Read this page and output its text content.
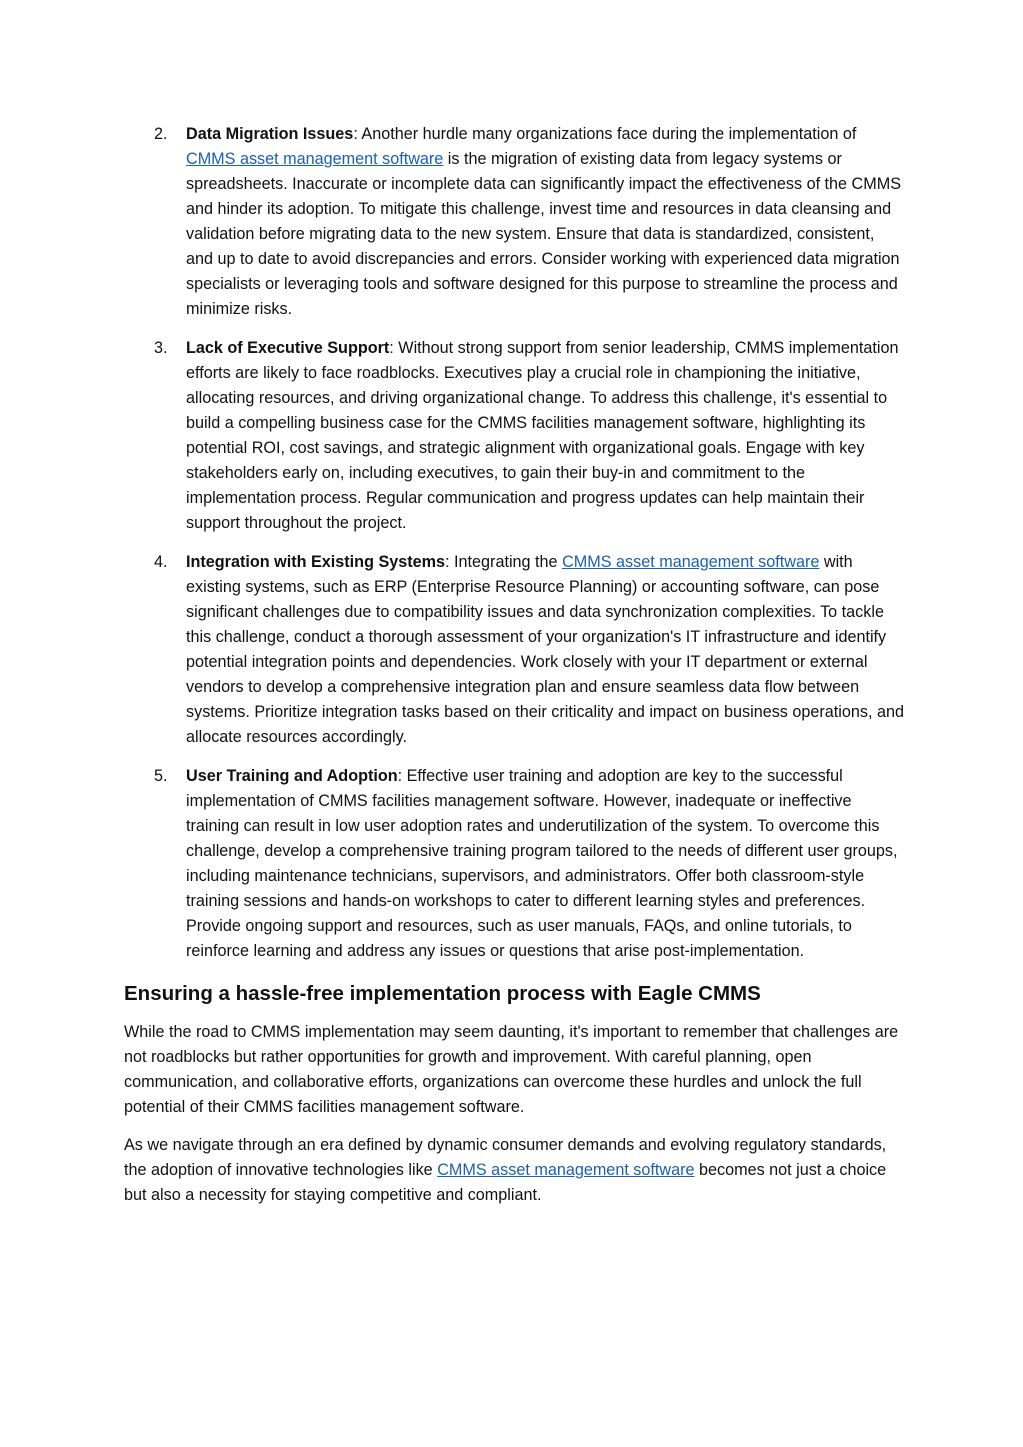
2. Data Migration Issues: Another hurdle many organizations face during the implementation of CMMS asset management software is the migration of existing data from legacy systems or spreadsheets. Inaccurate or incomplete data can significantly impact the effectiveness of the CMMS and hinder its adoption. To mitigate this challenge, invest time and resources in data cleansing and validation before migrating data to the new system. Ensure that data is standardized, consistent, and up to date to avoid discrepancies and errors. Consider working with experienced data migration specialists or leveraging tools and software designed for this purpose to streamline the process and minimize risks.
3. Lack of Executive Support: Without strong support from senior leadership, CMMS implementation efforts are likely to face roadblocks. Executives play a crucial role in championing the initiative, allocating resources, and driving organizational change. To address this challenge, it's essential to build a compelling business case for the CMMS facilities management software, highlighting its potential ROI, cost savings, and strategic alignment with organizational goals. Engage with key stakeholders early on, including executives, to gain their buy-in and commitment to the implementation process. Regular communication and progress updates can help maintain their support throughout the project.
4. Integration with Existing Systems: Integrating the CMMS asset management software with existing systems, such as ERP (Enterprise Resource Planning) or accounting software, can pose significant challenges due to compatibility issues and data synchronization complexities. To tackle this challenge, conduct a thorough assessment of your organization's IT infrastructure and identify potential integration points and dependencies. Work closely with your IT department or external vendors to develop a comprehensive integration plan and ensure seamless data flow between systems. Prioritize integration tasks based on their criticality and impact on business operations, and allocate resources accordingly.
5. User Training and Adoption: Effective user training and adoption are key to the successful implementation of CMMS facilities management software. However, inadequate or ineffective training can result in low user adoption rates and underutilization of the system. To overcome this challenge, develop a comprehensive training program tailored to the needs of different user groups, including maintenance technicians, supervisors, and administrators. Offer both classroom-style training sessions and hands-on workshops to cater to different learning styles and preferences. Provide ongoing support and resources, such as user manuals, FAQs, and online tutorials, to reinforce learning and address any issues or questions that arise post-implementation.
Ensuring a hassle-free implementation process with Eagle CMMS

While the road to CMMS implementation may seem daunting, it's important to remember that challenges are not roadblocks but rather opportunities for growth and improvement. With careful planning, open communication, and collaborative efforts, organizations can overcome these hurdles and unlock the full potential of their CMMS facilities management software.

As we navigate through an era defined by dynamic consumer demands and evolving regulatory standards, the adoption of innovative technologies like CMMS asset management software becomes not just a choice but also a necessity for staying competitive and compliant.
